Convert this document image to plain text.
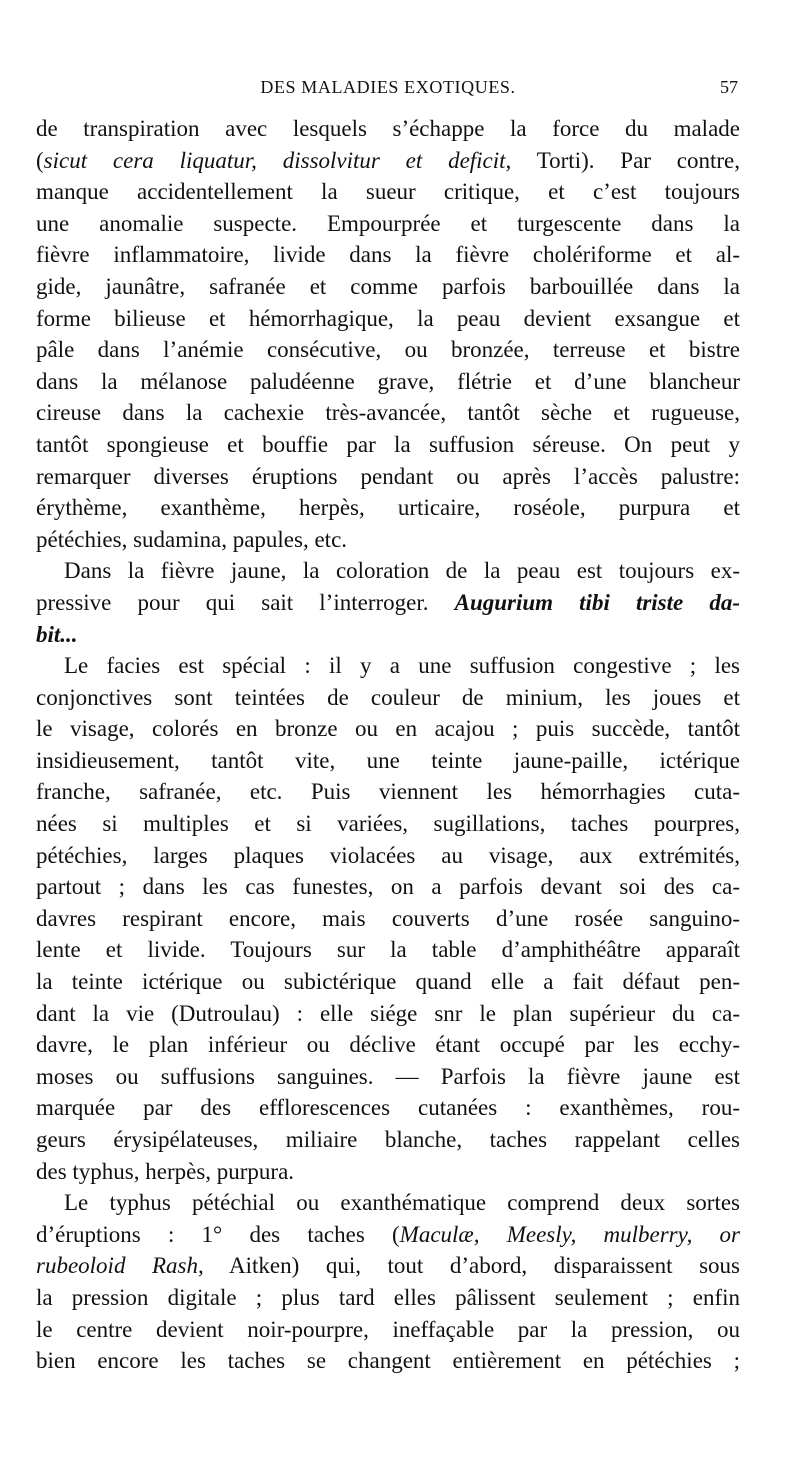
DES MALADIES EXOTIQUES.	57
de transpiration avec lesquels s’échappe la force du malade
(sicut cera liquatur, dissolvitur et deficit, Torti). Par contre,
manque accidentellement la sueur critique, et c’est toujours
une anomalie suspecte. Empourprée et turgescente dans la
fièvre inflammatoire, livide dans la fièvre cholériforme et al-
gide, jaunâtre, safranée et comme parfois barbouillée dans la
forme bilieuse et hémorrhagique, la peau devient exsangue et
pâle dans l’anémie consécutive, ou bronzée, terreuse et bistre
dans la mélanose paludéenne grave, flétrie et d’une blancheur
cireuse dans la cachexie très-avancée, tantôt sèche et rugueuse,
tantôt spongieuse et bouffie par la suffusion séreuse. On peut y
remarquer diverses éruptions pendant ou après l’accès palustre:
érythème, exanthème, herpès, urticaire, roséole, purpura et
pétéchies, sudamina, papules, etc.
Dans la fièvre jaune, la coloration de la peau est toujours ex-
pressive pour qui sait l’interroger. Augurium tibi triste da-
bit...
Le facies est spécial : il y a une suffusion congestive ; les
conjonctives sont teintées de couleur de minium, les joues et
le visage, colorés en bronze ou en acajou ; puis succède, tantôt
insidieusement, tantôt vite, une teinte jaune-paille, ictérique
franche, safranée, etc. Puis viennent les hémorrhagies cuta-
nées si multiples et si variées, sugillations, taches pourpres,
pétéchies, larges plaques violacées au visage, aux extrémités,
partout ; dans les cas funestes, on a parfois devant soi des ca-
davres respirant encore, mais couverts d’une rosée sanguino-
lente et livide. Toujours sur la table d’amphithéâtre apparaît
la teinte ictérique ou subictérique quand elle a fait défaut pen-
dant la vie (Dutroulau) : elle siége snr le plan supérieur du ca-
davre, le plan inférieur ou déclive étant occupé par les ecchy-
moses ou suffusions sanguines. — Parfois la fièvre jaune est
marquée par des efflorescences cutanées : exanthèmes, rou-
geurs érysipélateuses, miliaire blanche, taches rappelant celles
des typhus, herpès, purpura.
Le typhus pétéchial ou exanthématique comprend deux sortes
d’éruptions : 1° des taches (Maculæ, Meesly, mulberry, or
rubeoloid Rash, Aitken) qui, tout d’abord, disparaissent sous
la pression digitale ; plus tard elles pâlissent seulement ; enfin
le centre devient noir-pourpre, ineffaçable par la pression, ou
bien encore les taches se changent entièrement en pétéchies ;
